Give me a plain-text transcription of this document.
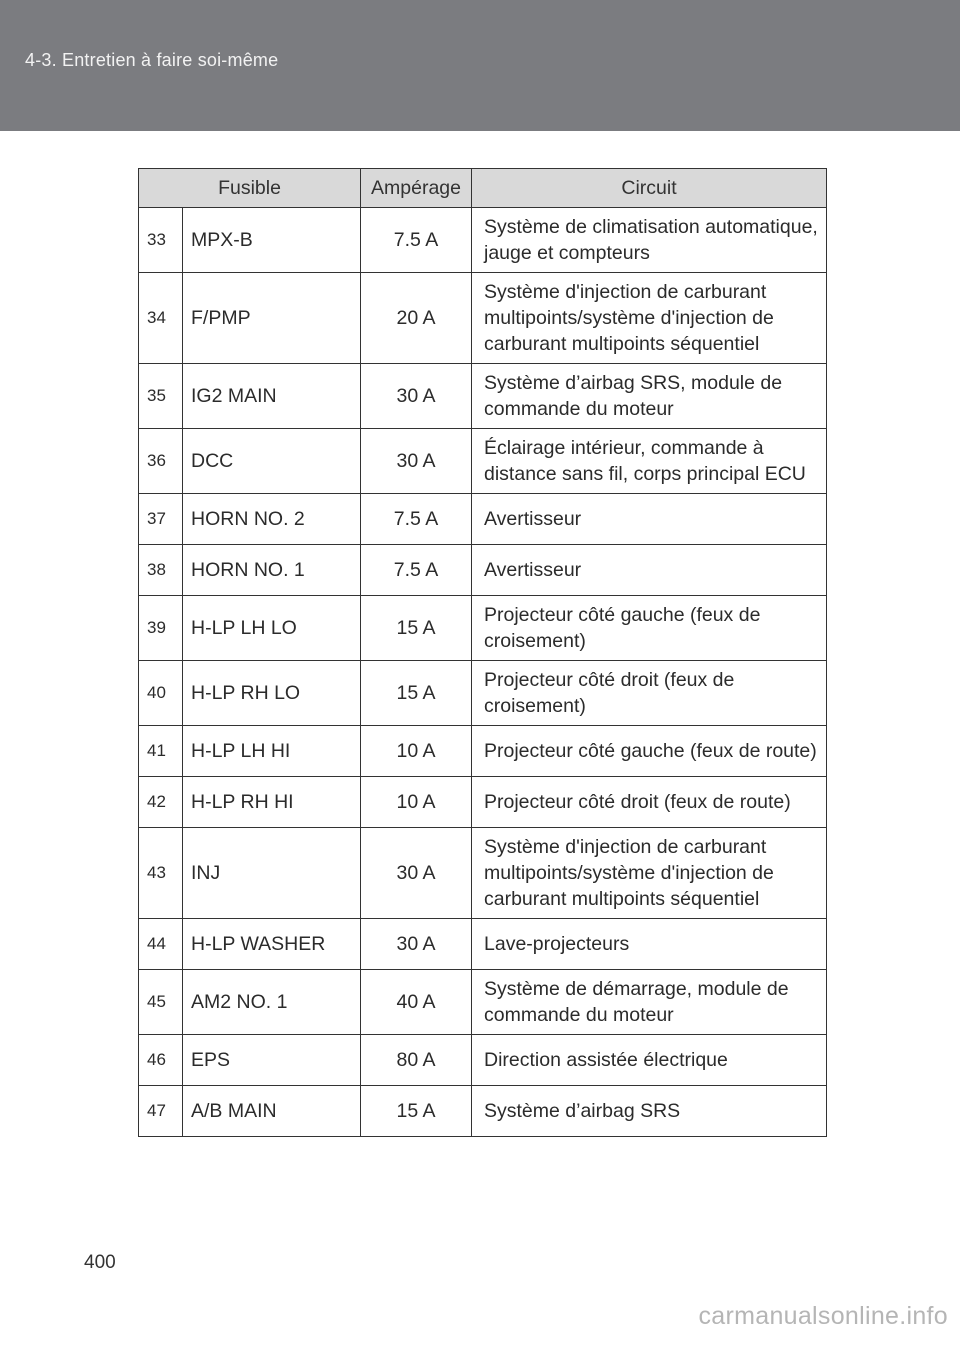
4-3. Entretien à faire soi-même
Fusible		Ampérage	Circuit
33	MPX-B	7.5 A	Système de climatisation automatique, jauge et compteurs
34	F/PMP	20 A	Système d'injection de carburant multipoints/système d'injection de carburant multipoints séquentiel
35	IG2 MAIN	30 A	Système d’airbag SRS, module de commande du moteur
36	DCC	30 A	Éclairage intérieur, commande à distance sans fil, corps principal ECU
37	HORN NO. 2	7.5 A	Avertisseur
38	HORN NO. 1	7.5 A	Avertisseur
39	H-LP LH LO	15 A	Projecteur côté gauche (feux de croisement)
40	H-LP RH LO	15 A	Projecteur côté droit (feux de croisement)
41	H-LP LH HI	10 A	Projecteur côté gauche (feux de route)
42	H-LP RH HI	10 A	Projecteur côté droit (feux de route)
43	INJ	30 A	Système d'injection de carburant multipoints/système d'injection de carburant multipoints séquentiel
44	H-LP WASHER	30 A	Lave-projecteurs
45	AM2 NO. 1	40 A	Système de démarrage, module de commande du moteur
46	EPS	80 A	Direction assistée électrique
47	A/B MAIN	15 A	Système d’airbag SRS
400
carmanualsonline.info
